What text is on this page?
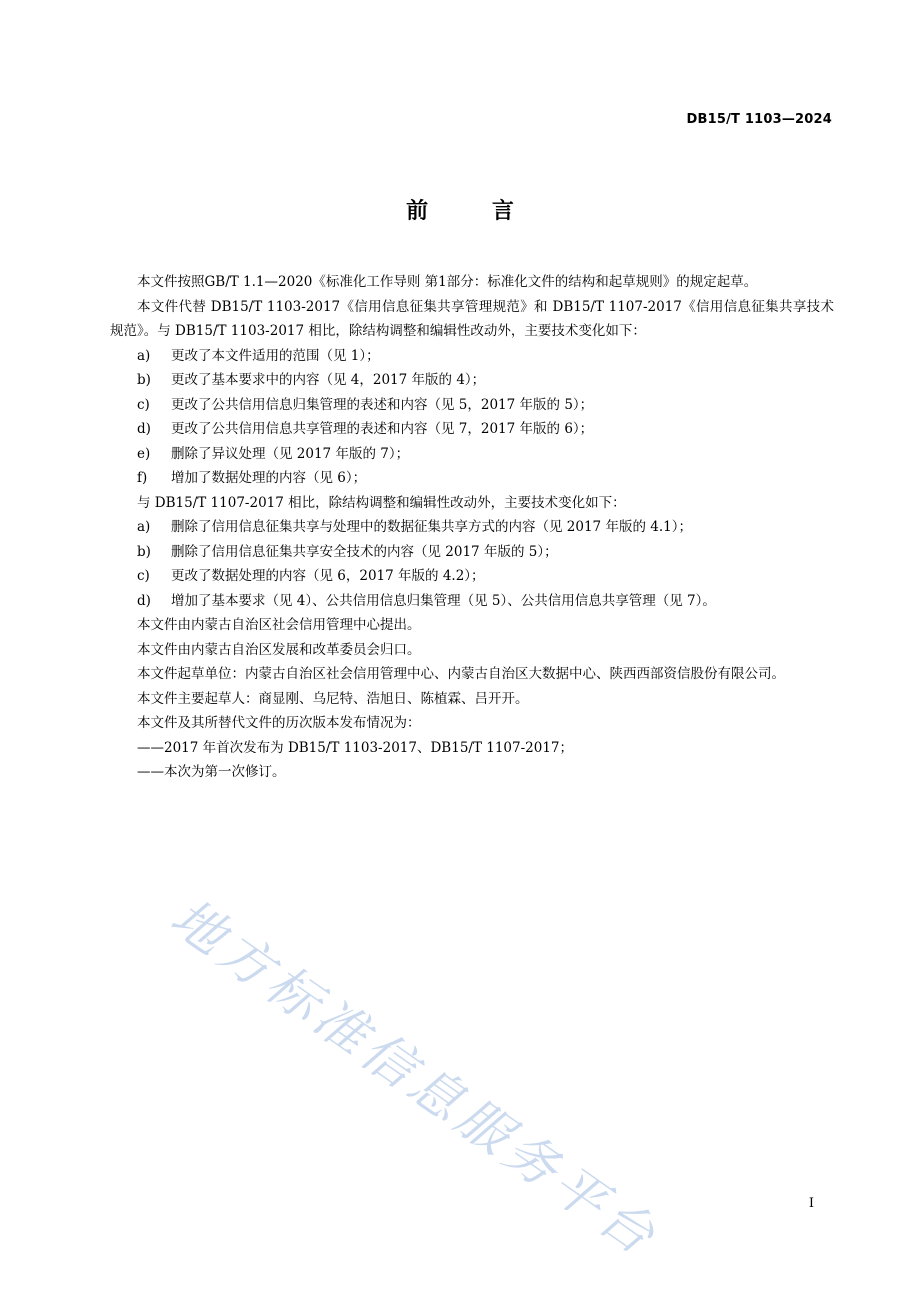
DB15/T 1103—2024
前 言

本文件按照GB/T 1.1—2020《标准化工作导则 第1部分：标准化文件的结构和起草规则》的规定起草。

本文件代替 DB15/T 1103-2017《信用信息征集共享管理规范》和 DB15/T 1107-2017《信用信息征集共享技术规范》。与 DB15/T 1103-2017 相比，除结构调整和编辑性改动外，主要技术变化如下：

a) 更改了本文件适用的范围（见 1）；

b) 更改了基本要求中的内容（见 4，2017 年版的 4）；

c) 更改了公共信用信息归集管理的表述和内容（见 5，2017 年版的 5）；

d) 更改了公共信用信息共享管理的表述和内容（见 7，2017 年版的 6）；

e) 删除了异议处理（见 2017 年版的 7）；

f) 增加了数据处理的内容（见 6）；

与 DB15/T 1107-2017 相比，除结构调整和编辑性改动外，主要技术变化如下：

a) 删除了信用信息征集共享与处理中的数据征集共享方式的内容（见 2017 年版的 4.1）；

b) 删除了信用信息征集共享安全技术的内容（见 2017 年版的 5）；

c) 更改了数据处理的内容（见 6，2017 年版的 4.2）；

d) 增加了基本要求（见 4）、公共信用信息归集管理（见 5）、公共信用信息共享管理（见 7）。

本文件由内蒙古自治区社会信用管理中心提出。

本文件由内蒙古自治区发展和改革委员会归口。

本文件起草单位：内蒙古自治区社会信用管理中心、内蒙古自治区大数据中心、陕西西部资信股份有限公司。

本文件主要起草人：商显刚、乌尼特、浩旭日、陈植霖、吕开开。

本文件及其所替代文件的历次版本发布情况为：

——2017 年首次发布为 DB15/T 1103-2017、DB15/T 1107-2017；

——本次为第一次修订。

地方标准信息服务平台	I
